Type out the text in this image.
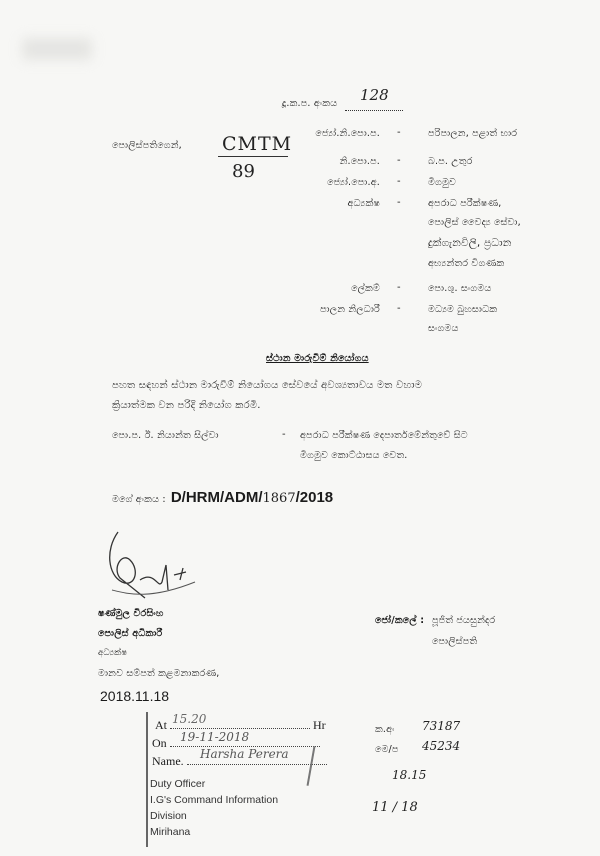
දූ.ක.ප. අංකය 128
පොලිස්පතිගෙන්, CMTM
89
ජ්‍යෝ.නි.පො.ප. -	පරිපාලන, පළාත් භාර
නි.පො.ප. -	බ.ප. උතුර
ජ්‍යෝ.පො.අ. -	මීගමුව
අධ්‍යක්ෂ -	අපරාධ පරීක්ෂණ,
පොලිස් වෛද්‍ය සේවා,
දුක්ගැනවිලි, ප්‍රධාන
අභ්‍යන්තර විගණක
ලේකම් -	පො.ශු. සංගමය
පාලන නිලධාරී -	මධ්‍යම බුහසාධක
සංගමය
ස්ථාන මාරුවීම් නියෝගය
පහත සඳහන් ස්ථාන මාරුවීම් නියෝගය සේවයේ අවශ්‍යතාවය මත වහාම
ක්‍රියාත්මක වන පරිදි නියෝග කරමි.
පො.ප. ඊ. නියාන්ත සිල්වා	- අපරාධ පරීක්ෂණ දෙපාර්තමේන්තුවේ සිට
මීගමුව කොට්ඨාසය වෙත.
මගේ අංකය : D/HRM/ADM/1867/2018
ෂණ්මුල විරසිංහ
පොලිස් අධිකාරී
අධ්‍යක්ෂ
මානව සම්පත් කළමනාකරණ,
2018.11.18
ජෝ/කලේ : පූජිත් ජයසුන්දර
පොලිස්පති
At	Hr
15.20
On	19-11-2018
Name.	Harsha Perera
Duty Officer
I.G's Command Information
Division
Mirihana
ක.අං 73187
මෙ/ප 45234
18.15
11 / 18
